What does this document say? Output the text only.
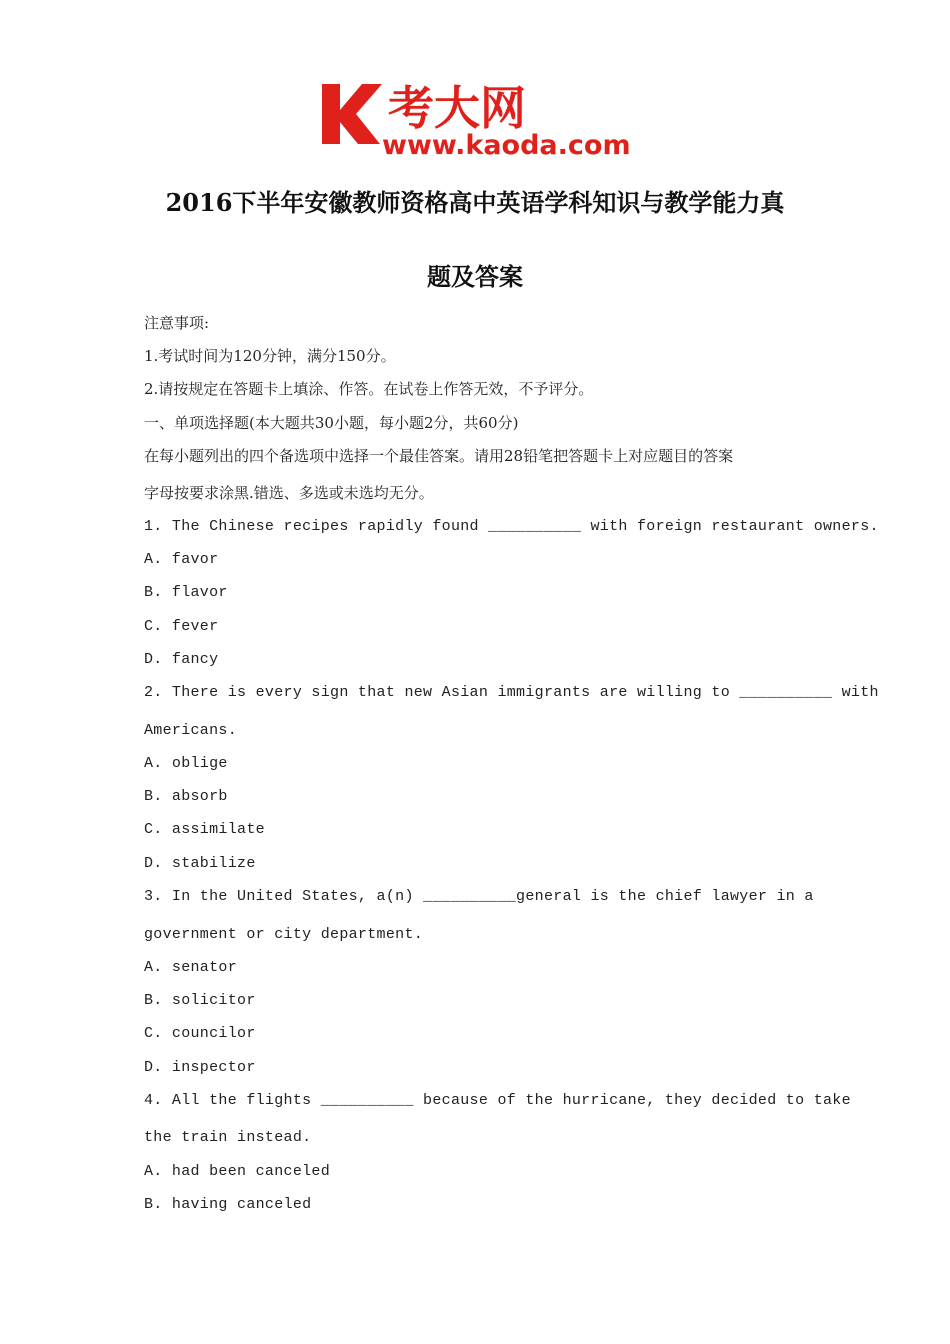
考大网
www.kaoda.com
2016下半年安徽教师资格高中英语学科知识与教学能力真
题及答案
注意事项:
1.考试时间为120分钟，满分150分。
2.请按规定在答题卡上填涂、作答。在试卷上作答无效，不予评分。
一、单项选择题(本大题共30小题，每小题2分，共60分)
在每小题列出的四个备选项中选择一个最佳答案。请用28铅笔把答题卡上对应题目的答案
字母按要求涂黑.错选、多选或未选均无分。
1. The Chinese recipes rapidly found __________ with foreign restaurant owners.
A. favor
B. flavor
C. fever
D. fancy
2. There is every sign that new Asian immigrants are willing to __________ with
Americans.
A. oblige
B. absorb
C. assimilate
D. stabilize
3. In the United States, a(n) __________general is the chief lawyer in a
government or city department.
A. senator
B. solicitor
C. councilor
D. inspector
4. All the flights __________ because of the hurricane, they decided to take
the train instead.
A. had been canceled
B. having canceled
